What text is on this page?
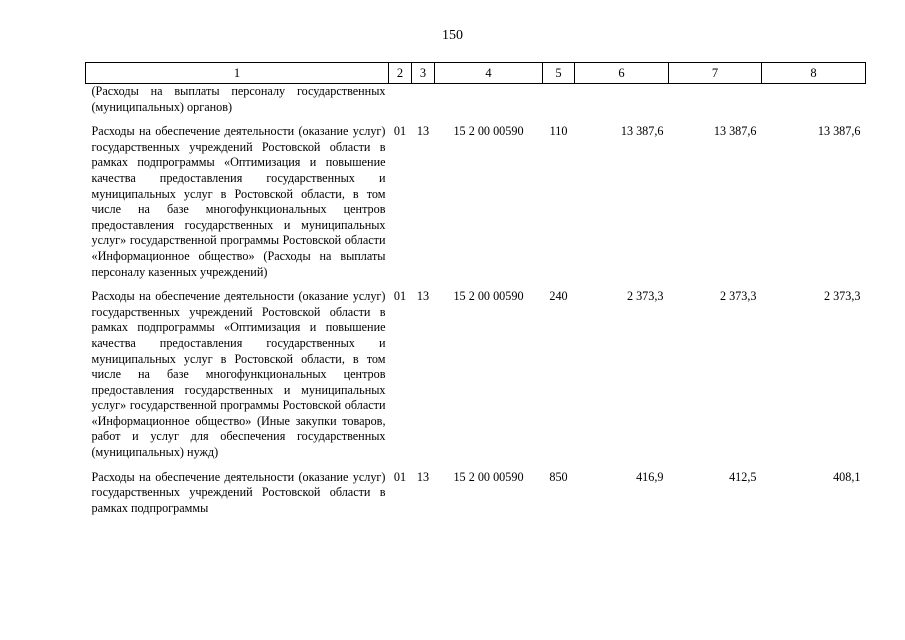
150
1	2	3	4	5	6	7	8
(Расходы на выплаты персоналу государственных (муниципальных) органов)							
Расходы на обеспечение деятельности (оказание услуг) государственных учреждений Ростовской области в рамках подпрограммы «Оптимизация и повышение качества предоставления государственных и муниципальных услуг в Ростовской области, в том числе на базе многофункциональных центров предоставления государственных и муниципальных услуг» государственной программы Ростовской области «Информационное общество» (Расходы на выплаты персоналу казенных учреждений)	01	13	15 2 00 00590	110	13 387,6	13 387,6	13 387,6
Расходы на обеспечение деятельности (оказание услуг) государственных учреждений Ростовской области в рамках подпрограммы «Оптимизация и повышение качества предоставления государственных и муниципальных услуг в Ростовской области, в том числе на базе многофункциональных центров предоставления государственных и муниципальных услуг» государственной программы Ростовской области «Информационное общество» (Иные закупки товаров, работ и услуг для обеспечения государственных (муниципальных) нужд)	01	13	15 2 00 00590	240	2 373,3	2 373,3	2 373,3
Расходы на обеспечение деятельности (оказание услуг) государственных учреждений Ростовской области в рамках подпрограммы	01	13	15 2 00 00590	850	416,9	412,5	408,1
